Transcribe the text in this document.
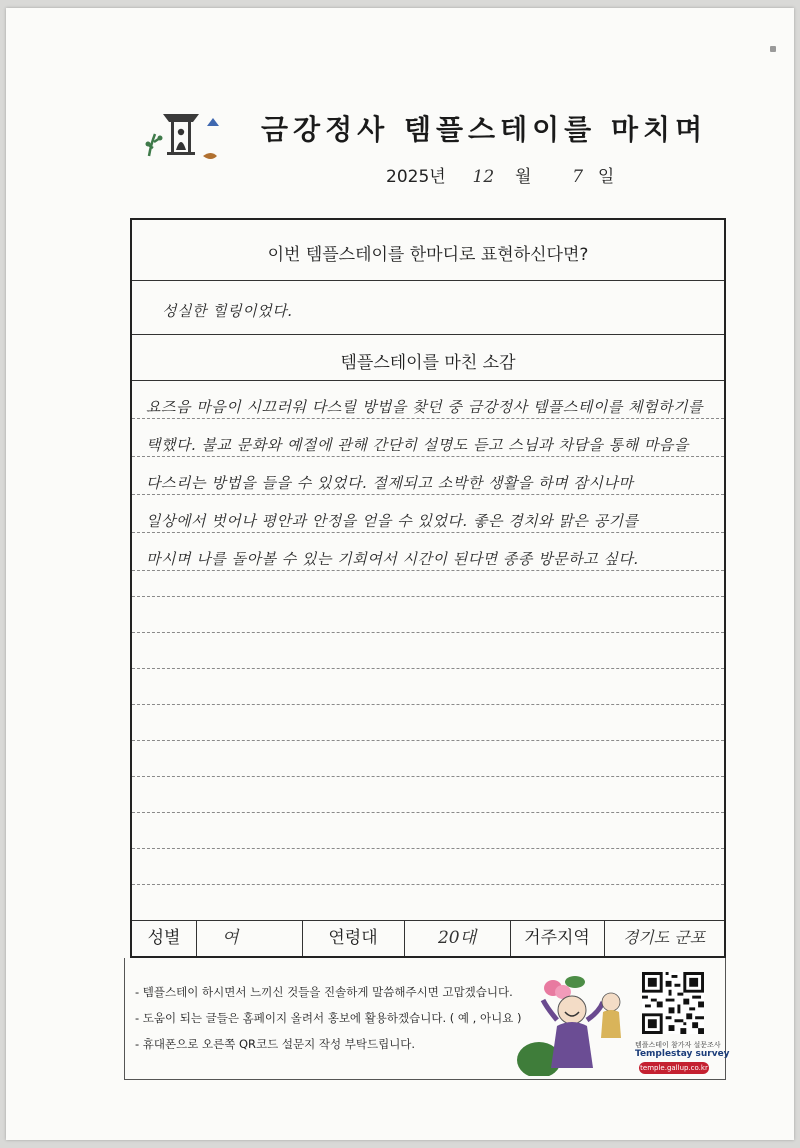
금강정사 템플스테이를 마치며
2025년 12 월 7 일
이번 템플스테이를 한마디로 표현하신다면?
성실한 힐링이었다.
템플스테이를 마친 소감
요즈음 마음이 시끄러워 다스릴 방법을 찾던 중 금강정사 템플스테이를 체험하기를
택했다. 불교 문화와 예절에 관해 간단히 설명도 듣고 스님과 차담을 통해 마음을
다스리는 방법을 들을 수 있었다. 절제되고 소박한 생활을 하며 잠시나마
일상에서 벗어나 평안과 안정을 얻을 수 있었다. 좋은 경치와 맑은 공기를
마시며 나를 돌아볼 수 있는 기회여서 시간이 된다면 종종 방문하고 싶다.
성별	여	연령대	20대	거주지역	경기도 군포
- 템플스테이 하시면서 느끼신 것들을 진솔하게 말씀해주시면 고맙겠습니다.
- 도움이 되는 글들은 홈페이지 올려서 홍보에 활용하겠습니다. ( 예 , 아니요 )
- 휴대폰으로 오른쪽 QR코드 설문지 작성 부탁드립니다.	템플스테이 참가자 설문조사
Templestay survey
temple.gallup.co.kr
